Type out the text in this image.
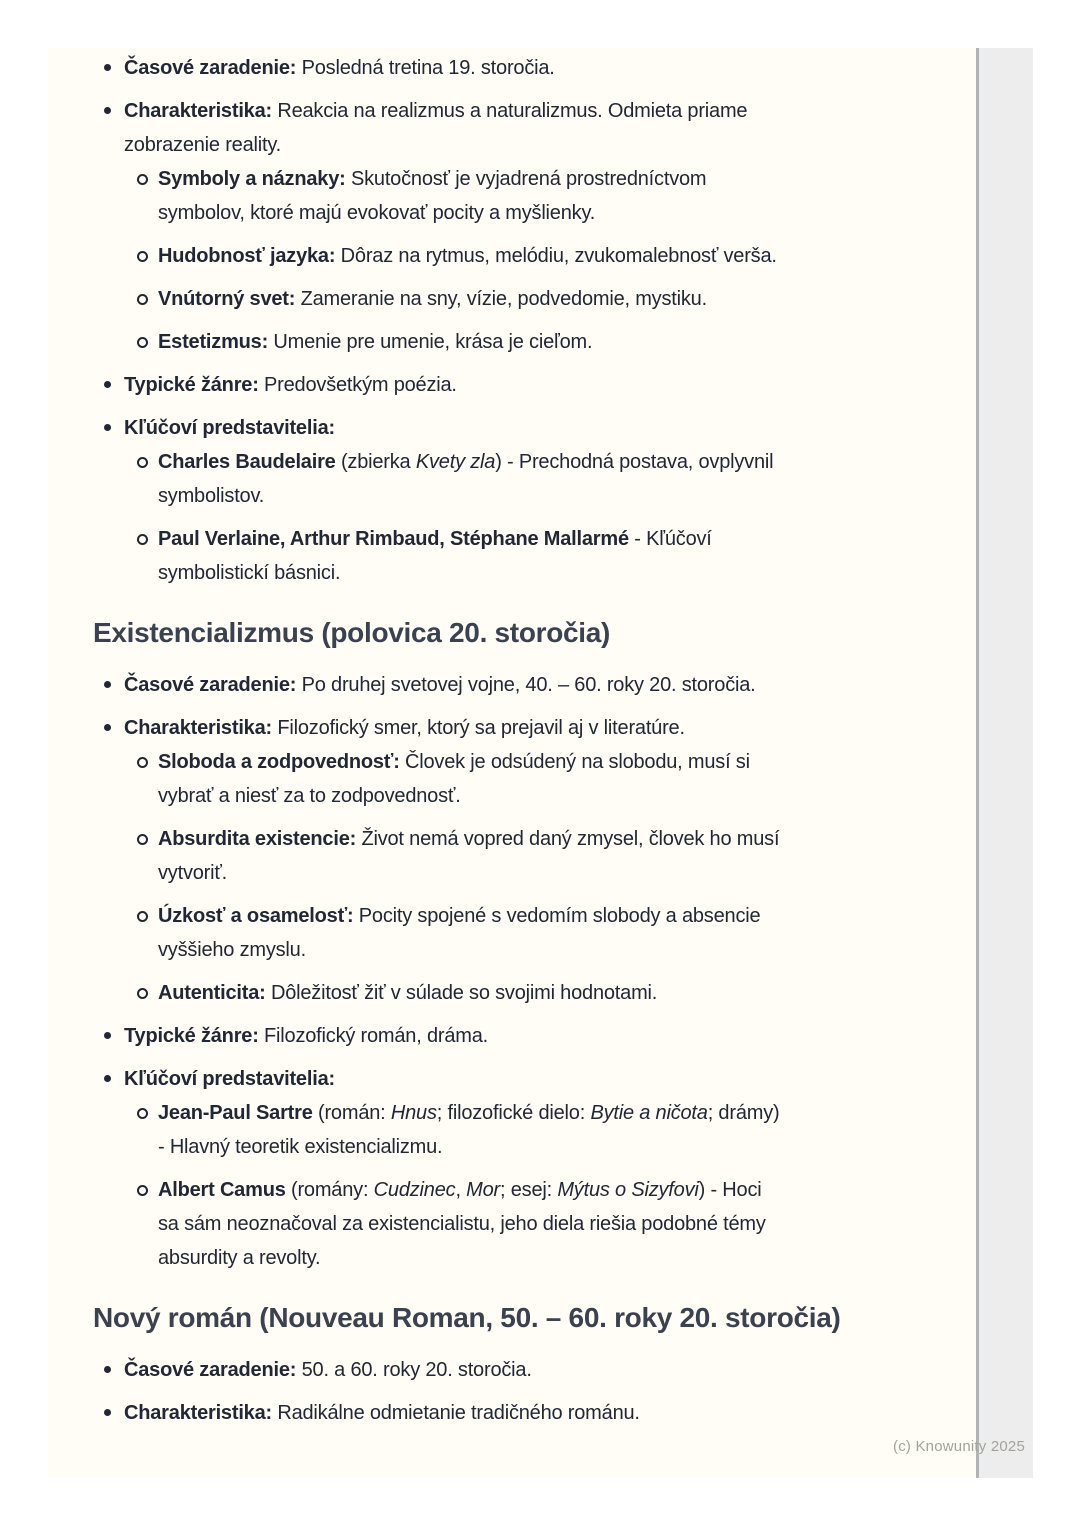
Časové zaradenie: Posledná tretina 19. storočia.
Charakteristika: Reakcia na realizmus a naturalizmus. Odmieta priame
zobrazenie reality.
Symboly a náznaky: Skutočnosť je vyjadrená prostredníctvom
symbolov, ktoré majú evokovať pocity a myšlienky.
Hudobnosť jazyka: Dôraz na rytmus, melódiu, zvukomalebnosť verša.
Vnútorný svet: Zameranie na sny, vízie, podvedomie, mystiku.
Estetizmus: Umenie pre umenie, krása je cieľom.
Typické žánre: Predovšetkým poézia.
Kľúčoví predstavitelia:
Charles Baudelaire (zbierka Kvety zla) - Prechodná postava, ovplyvnil
symbolistov.
Paul Verlaine, Arthur Rimbaud, Stéphane Mallarmé - Kľúčoví
symbolistickí básnici.
Existencializmus (polovica 20. storočia)
Časové zaradenie: Po druhej svetovej vojne, 40. – 60. roky 20. storočia.
Charakteristika: Filozofický smer, ktorý sa prejavil aj v literatúre.
Sloboda a zodpovednosť: Človek je odsúdený na slobodu, musí si
vybrať a niesť za to zodpovednosť.
Absurdita existencie: Život nemá vopred daný zmysel, človek ho musí
vytvoriť.
Úzkosť a osamelosť: Pocity spojené s vedomím slobody a absencie
vyššieho zmyslu.
Autenticita: Dôležitosť žiť v súlade so svojimi hodnotami.
Typické žánre: Filozofický román, dráma.
Kľúčoví predstavitelia:
Jean-Paul Sartre (román: Hnus; filozofické dielo: Bytie a ničota; drámy)
- Hlavný teoretik existencializmu.
Albert Camus (romány: Cudzinec, Mor; esej: Mýtus o Sizyfovi) - Hoci
sa sám neoznačoval za existencialistu, jeho diela riešia podobné témy
absurdity a revolty.
Nový román (Nouveau Roman, 50. – 60. roky 20. storočia)
Časové zaradenie: 50. a 60. roky 20. storočia.
Charakteristika: Radikálne odmietanie tradičného románu.
(c) Knowunity 2025
